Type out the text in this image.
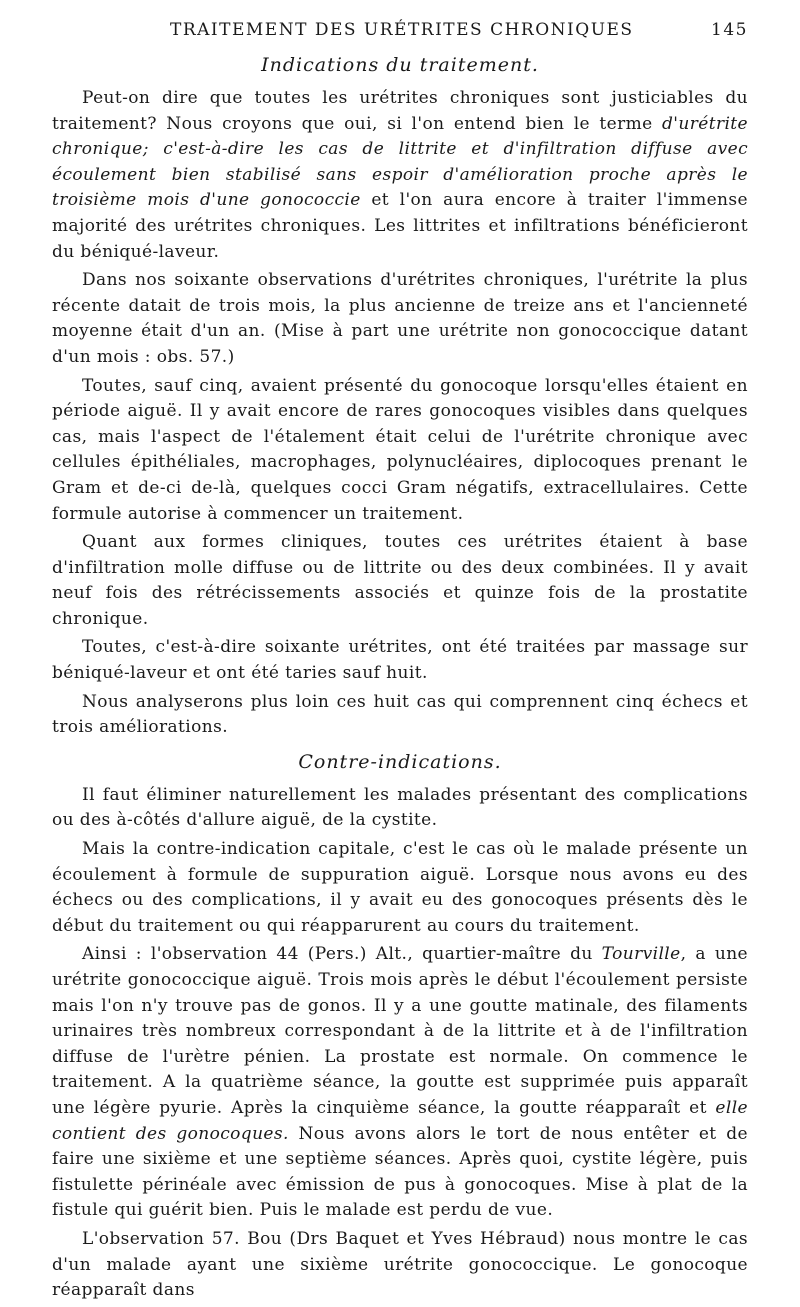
TRAITEMENT DES URÉTRITES CHRONIQUES	145
Indications du traitement.

Peut-on dire que toutes les urétrites chroniques sont justiciables du traitement? Nous croyons que oui, si l'on entend bien le terme d'urétrite chronique; c'est-à-dire les cas de littrite et d'infiltration diffuse avec écoulement bien stabilisé sans espoir d'amélioration proche après le troisième mois d'une gonococcie et l'on aura encore à traiter l'immense majorité des urétrites chroniques. Les littrites et infiltrations bénéficieront du béniqué-laveur.

Dans nos soixante observations d'urétrites chroniques, l'urétrite la plus récente datait de trois mois, la plus ancienne de treize ans et l'ancienneté moyenne était d'un an. (Mise à part une urétrite non gonococcique datant d'un mois : obs. 57.)

Toutes, sauf cinq, avaient présenté du gonocoque lorsqu'elles étaient en période aiguë. Il y avait encore de rares gonocoques visibles dans quelques cas, mais l'aspect de l'étalement était celui de l'urétrite chronique avec cellules épithéliales, macrophages, polynucléaires, diplocoques prenant le Gram et de-ci de-là, quelques cocci Gram négatifs, extracellulaires. Cette formule autorise à commencer un traitement.

Quant aux formes cliniques, toutes ces urétrites étaient à base d'infiltration molle diffuse ou de littrite ou des deux combinées. Il y avait neuf fois des rétrécissements associés et quinze fois de la prostatite chronique.

Toutes, c'est-à-dire soixante urétrites, ont été traitées par massage sur béniqué-laveur et ont été taries sauf huit.

Nous analyserons plus loin ces huit cas qui comprennent cinq échecs et trois améliorations.

Contre-indications.

Il faut éliminer naturellement les malades présentant des complications ou des à-côtés d'allure aiguë, de la cystite.

Mais la contre-indication capitale, c'est le cas où le malade présente un écoulement à formule de suppuration aiguë. Lorsque nous avons eu des échecs ou des complications, il y avait eu des gonocoques présents dès le début du traitement ou qui réapparurent au cours du traitement.

Ainsi : l'observation 44 (Pers.) Alt., quartier-maître du Tourville, a une urétrite gonococcique aiguë. Trois mois après le début l'écoulement persiste mais l'on n'y trouve pas de gonos. Il y a une goutte matinale, des filaments urinaires très nombreux correspondant à de la littrite et à de l'infiltration diffuse de l'urètre pénien. La prostate est normale. On commence le traitement. A la quatrième séance, la goutte est supprimée puis apparaît une légère pyurie. Après la cinquième séance, la goutte réapparaît et elle contient des gonocoques. Nous avons alors le tort de nous entêter et de faire une sixième et une septième séances. Après quoi, cystite légère, puis fistulette périnéale avec émission de pus à gonocoques. Mise à plat de la fistule qui guérit bien. Puis le malade est perdu de vue.

L'observation 57. Bou (Drs Baquet et Yves Hébraud) nous montre le cas d'un malade ayant une sixième urétrite gonococcique. Le gonocoque réapparaît dans
